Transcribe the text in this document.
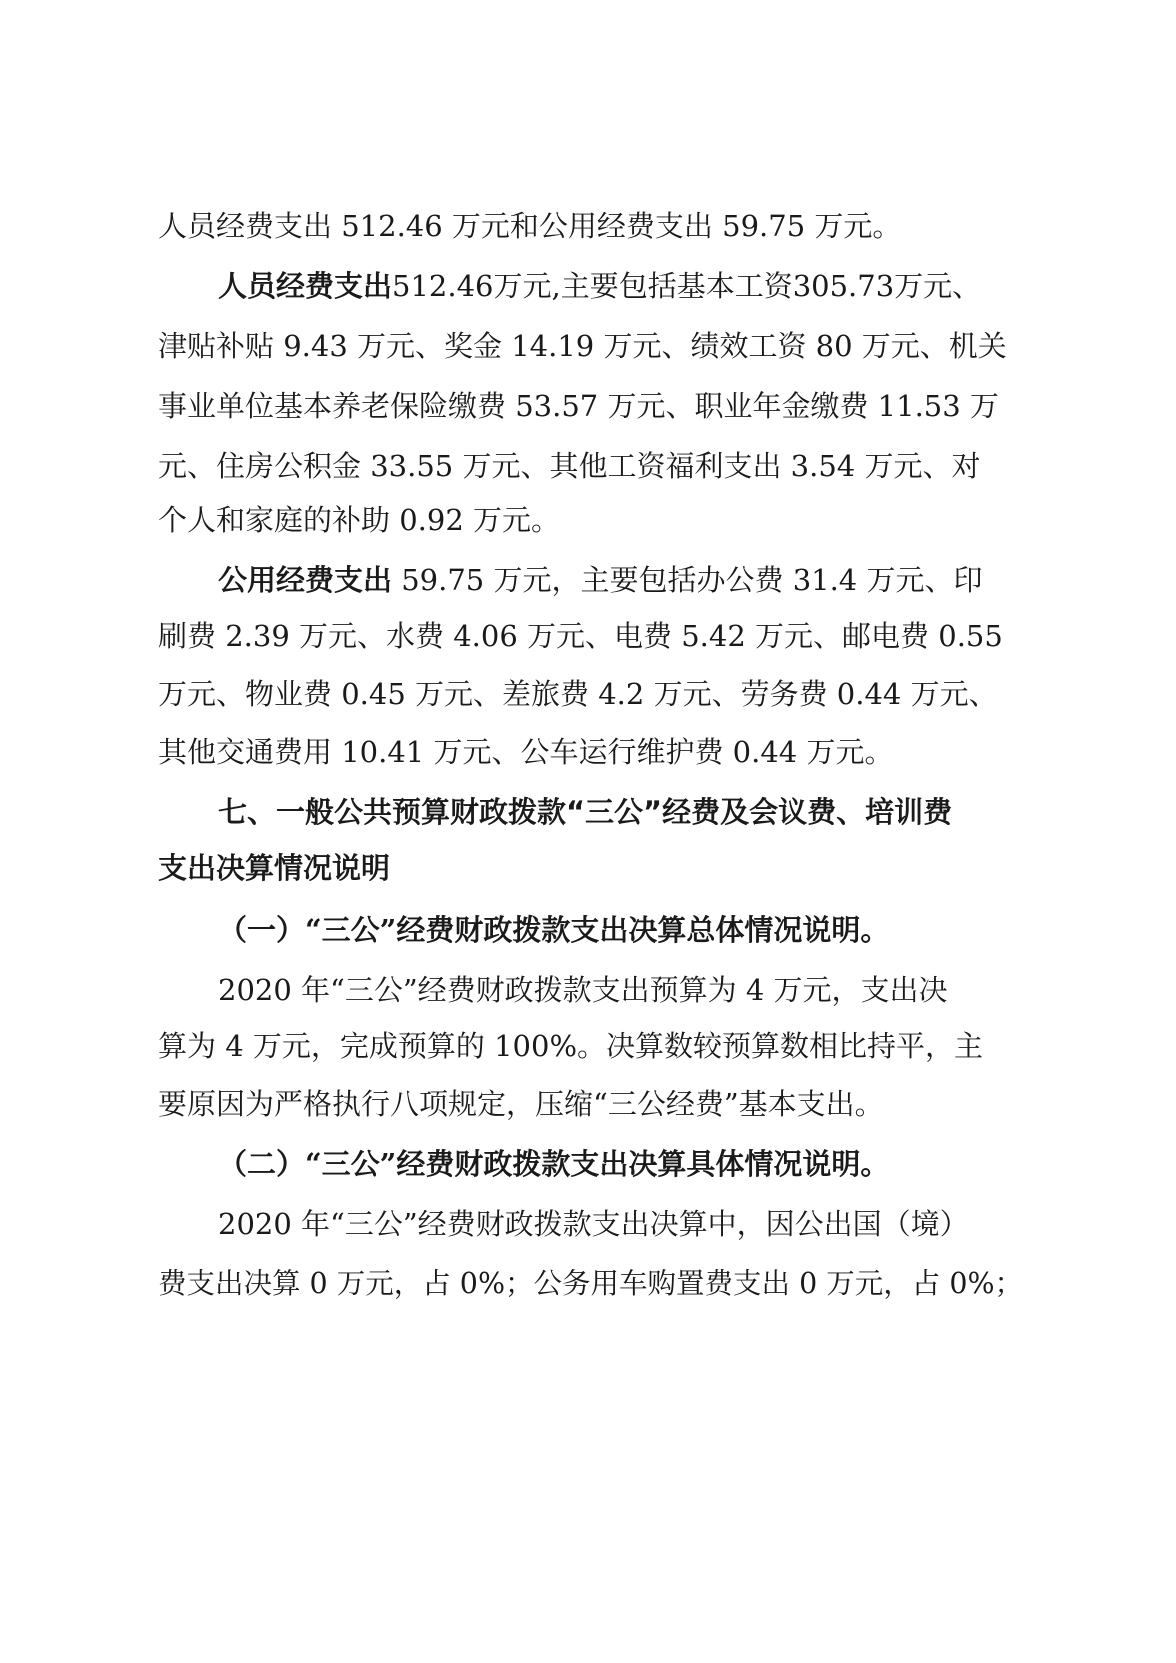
人员经费支出 512.46 万元和公用经费支出 59.75 万元。
人员经费支出512.46万元,主要包括基本工资305.73万元、
津贴补贴 9.43 万元、奖金 14.19 万元、绩效工资 80 万元、机关
事业单位基本养老保险缴费 53.57 万元、职业年金缴费 11.53 万
元、住房公积金 33.55 万元、其他工资福利支出 3.54 万元、对
个人和家庭的补助 0.92 万元。
公用经费支出 59.75 万元，主要包括办公费 31.4 万元、印
刷费 2.39 万元、水费 4.06 万元、电费 5.42 万元、邮电费 0.55
万元、物业费 0.45 万元、差旅费 4.2 万元、劳务费 0.44 万元、
其他交通费用 10.41 万元、公车运行维护费 0.44 万元。
七、一般公共预算财政拨款“三公”经费及会议费、培训费
支出决算情况说明
（一）“三公”经费财政拨款支出决算总体情况说明。
2020 年“三公”经费财政拨款支出预算为 4 万元，支出决
算为 4 万元，完成预算的 100%。决算数较预算数相比持平，主
要原因为严格执行八项规定，压缩“三公经费”基本支出。
（二）“三公”经费财政拨款支出决算具体情况说明。
2020 年“三公”经费财政拨款支出决算中，因公出国（境）
费支出决算 0 万元，占 0%；公务用车购置费支出 0 万元，占 0%；
